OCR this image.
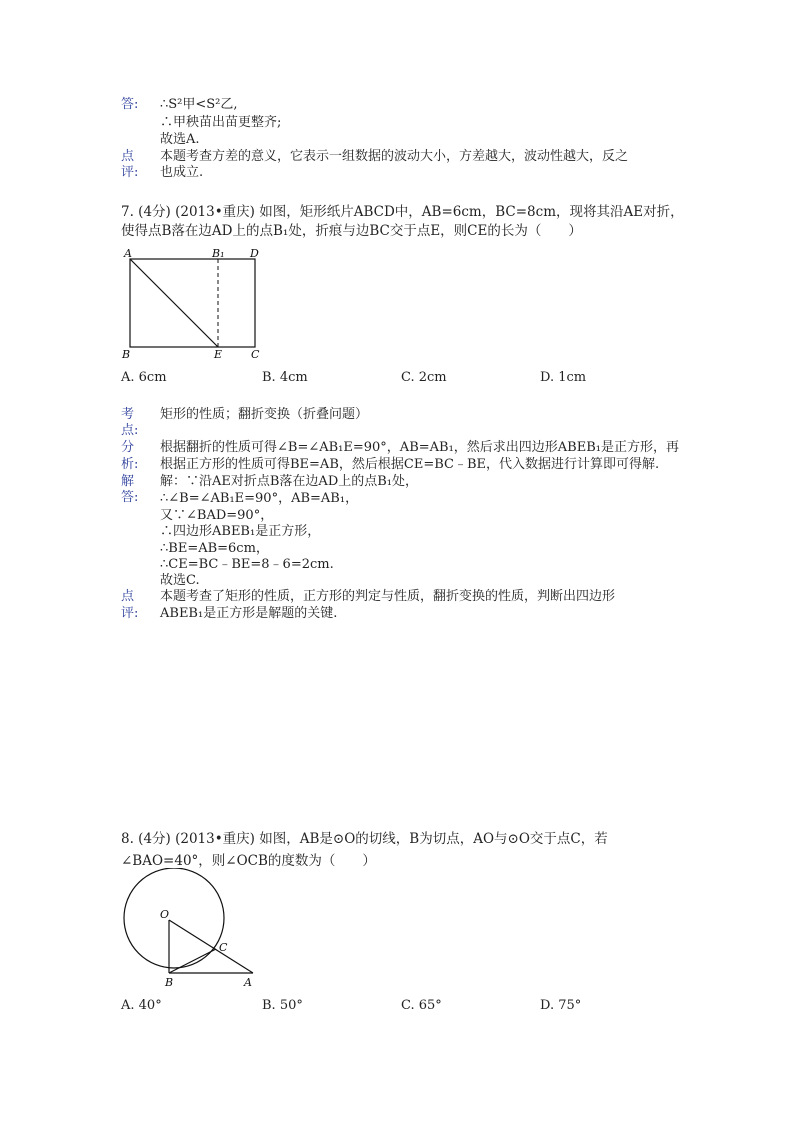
答: ∴S²甲<S²乙,
∴甲秧苗出苗更整齐;
故选A.
点
评:
本题考查方差的意义，它表示一组数据的波动大小，方差越大，波动性越大，反之
也成立.
7. (4分) (2013•重庆) 如图，矩形纸片ABCD中，AB=6cm，BC=8cm，现将其沿AE对折，
使得点B落在边AD上的点B₁处，折痕与边BC交于点E，则CE的长为（　　）
A	B₁ D
B	E	C
A. 6cm	B. 4cm	C. 2cm	D. 1cm
考
点:
矩形的性质；翻折变换（折叠问题）
分
析:
根据翻折的性质可得∠B=∠AB₁E=90°，AB=AB₁，然后求出四边形ABEB₁是正方形，再
根据正方形的性质可得BE=AB，然后根据CE=BC﹣BE，代入数据进行计算即可得解.
解
答:
解：∵沿AE对折点B落在边AD上的点B₁处，
∴∠B=∠AB₁E=90°，AB=AB₁，
又∵∠BAD=90°，
∴四边形ABEB₁是正方形，
∴BE=AB=6cm，
∴CE=BC﹣BE=8﹣6=2cm.
故选C.
点
评:
本题考查了矩形的性质，正方形的判定与性质，翻折变换的性质，判断出四边形
ABEB₁是正方形是解题的关键.
8. (4分) (2013•重庆) 如图，AB是⊙O的切线，B为切点，AO与⊙O交于点C，若
∠BAO=40°，则∠OCB的度数为（　　）
O
C
B	A
A. 40°	B. 50°	C. 65°	D. 75°
